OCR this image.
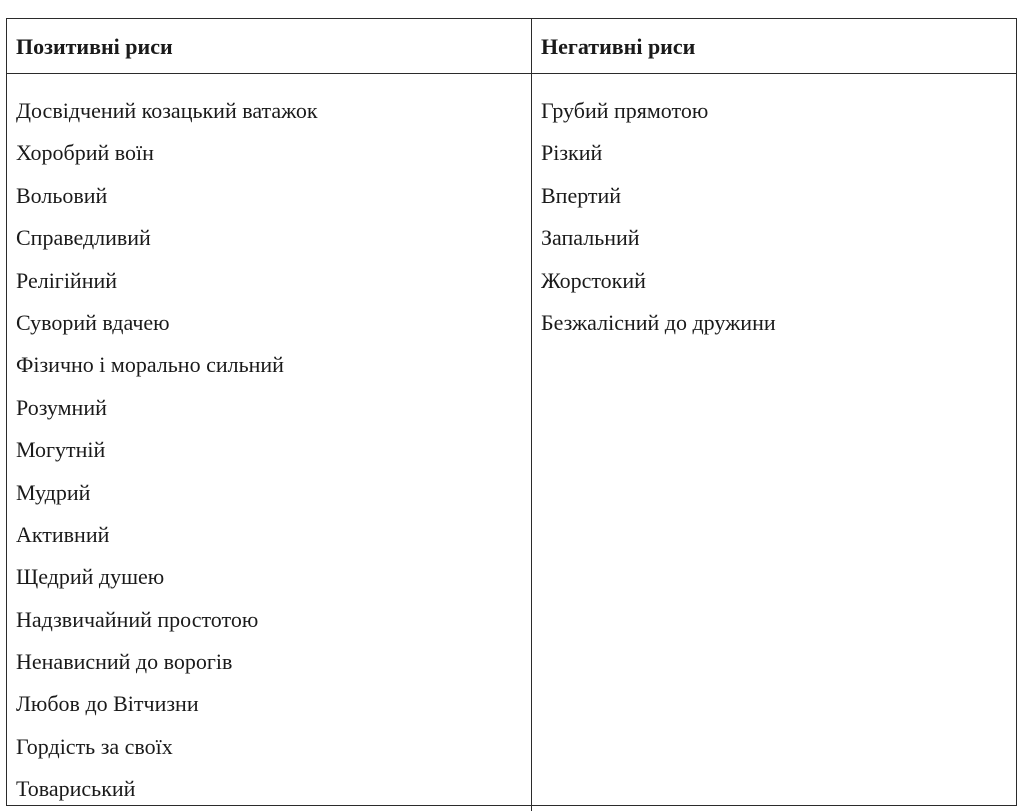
Позитивні риси	Негативні риси
Досвідчений козацький ватажок
Хоробрий воїн
Вольовий
Справедливий
Релігійний
Суворий вдачею
Фізично і морально сильний
Розумний
Могутній
Мудрий
Активний
Щедрий душею
Надзвичайний простотою
Ненависний до ворогів
Любов до Вітчизни
Гордість за своїх
Товариський
Грубий прямотою
Різкий
Впертий
Запальний
Жорстокий
Безжалісний до дружини
